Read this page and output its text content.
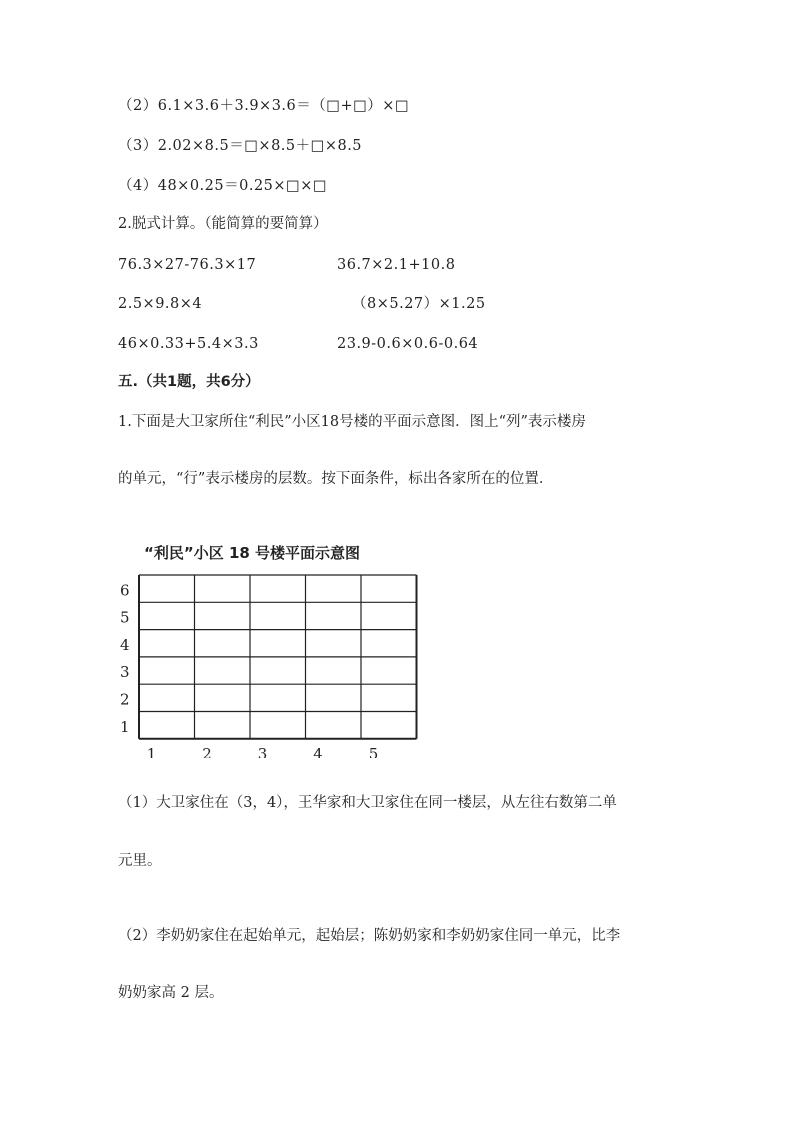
（2）6.1×3.6＋3.9×3.6＝（□+□）×□
（3）2.02×8.5＝□×8.5＋□×8.5
（4）48×0.25＝0.25×□×□
2.脱式计算。（能简算的要简算）
76.3×27-76.3×17	36.7×2.1+10.8
2.5×9.8×4	（8×5.27）×1.25
46×0.33+5.4×3.3	23.9-0.6×0.6-0.64
五.（共1题，共6分）
1.下面是大卫家所住“利民”小区18号楼的平面示意图．图上“列”表示楼房
的单元，“行”表示楼房的层数。按下面条件，标出各家所在的位置．
“利民”小区 18 号楼平面示意图
1
2
3
4
5
6
1	2	3	4	5
（1）大卫家住在（3，4），王华家和大卫家住在同一楼层，从左往右数第二单
元里。
（2）李奶奶家住在起始单元，起始层；陈奶奶家和李奶奶家住同一单元，比李
奶奶家高 2 层。
